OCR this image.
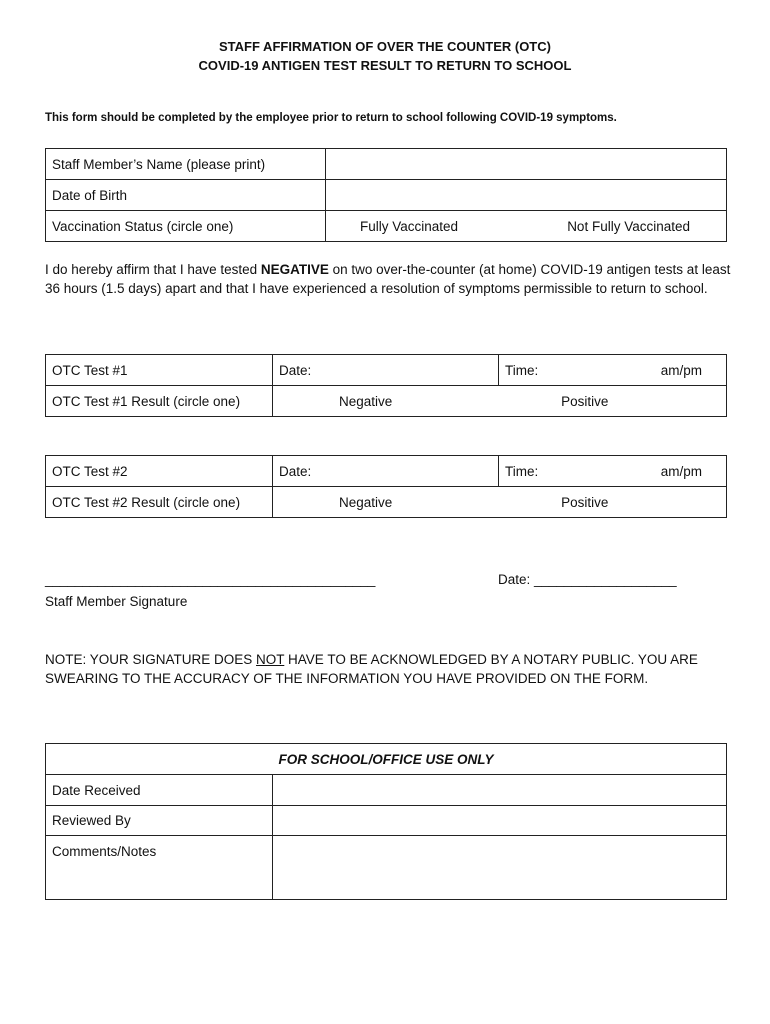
STAFF AFFIRMATION OF OVER THE COUNTER (OTC)
COVID-19 ANTIGEN TEST RESULT TO RETURN TO SCHOOL
This form should be completed by the employee prior to return to school following COVID-19 symptoms.
Staff Member’s Name (please print)	
Date of Birth	
Vaccination Status (circle one)	Fully Vaccinated Not Fully Vaccinated
I do hereby affirm that I have tested NEGATIVE on two over-the-counter (at home) COVID-19 antigen tests at least 36 hours (1.5 days) apart and that I have experienced a resolution of symptoms permissible to return to school.
OTC Test #1	Date:	Time: am/pm

OTC Test #1 Result (circle one)	Negative Positive	
OTC Test #2	Date:	Time: am/pm

OTC Test #2 Result (circle one)	Negative Positive	
____________________________________________
Staff Member Signature
Date: ___________________
NOTE: YOUR SIGNATURE DOES NOT HAVE TO BE ACKNOWLEDGED BY A NOTARY PUBLIC. YOU ARE SWEARING TO THE ACCURACY OF THE INFORMATION YOU HAVE PROVIDED ON THE FORM.
FOR SCHOOL/OFFICE USE ONLY	
Date Received	
Reviewed By	
Comments/Notes	
